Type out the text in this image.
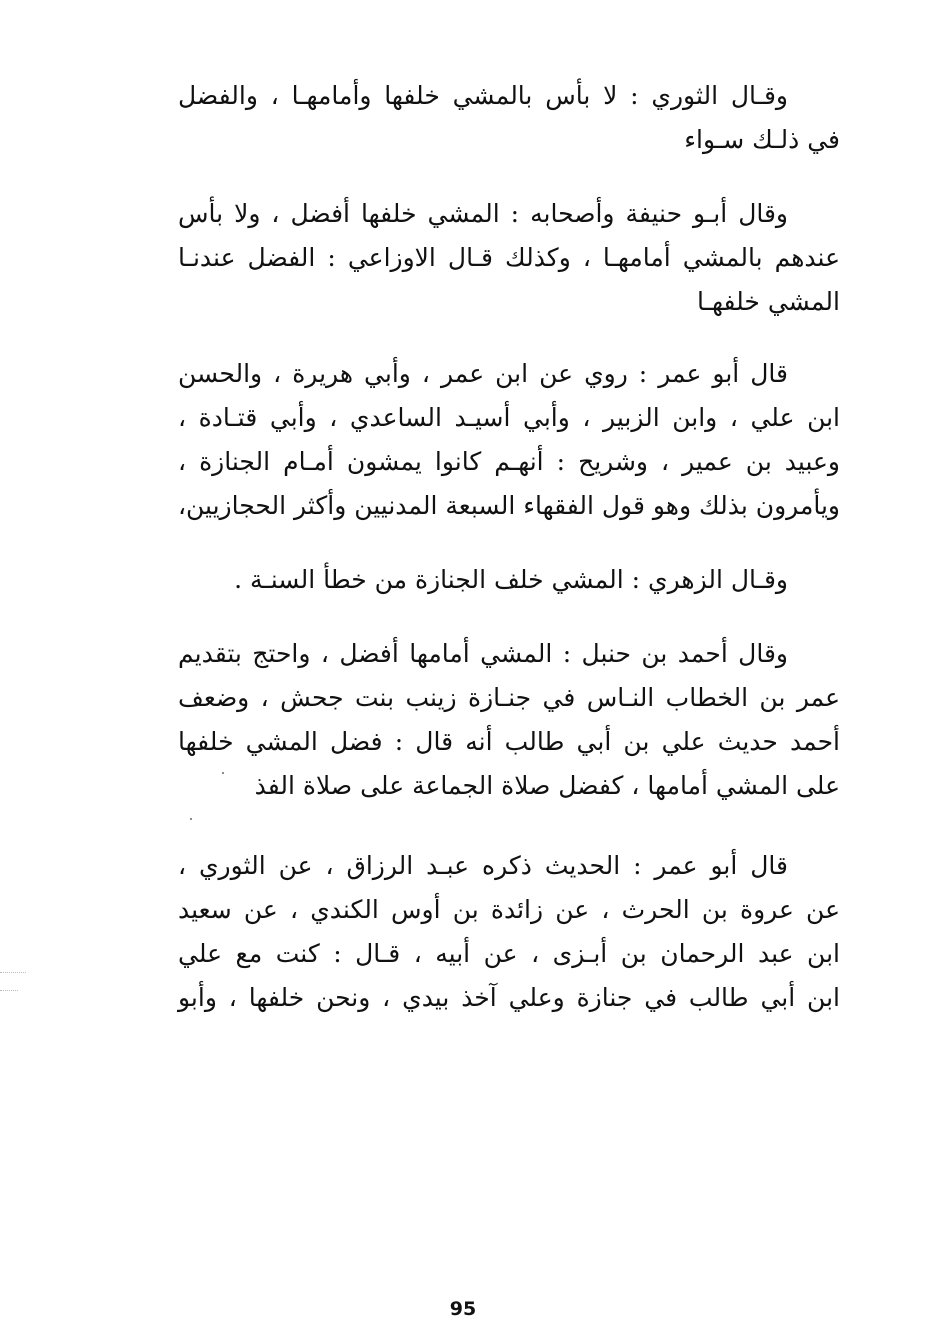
وقـال الثوري : لا بأس بالمشي خلفها وأمامهـا ، والفضل
في ذلـك سـواء
وقال أبـو حنيفة وأصحابه : المشي خلفها أفضل ، ولا بأس
عندهم بالمشي أمامهـا ، وكذلك قـال الاوزاعي : الفضل عندنـا
المشي خلفهـا
قال أبو عمر : روي عن ابن عمر ، وأبي هريرة ، والحسن
ابن علي ، وابن الزبير ، وأبي أسيـد الساعدي ، وأبي قتـادة ،
وعبيد بن عمير ، وشريح : أنهـم كانوا يمشون أمـام الجنازة ،
ويأمرون بذلك وهو قول الفقهاء السبعة المدنيين وأكثر الحجازيين،
وقـال الزهري : المشي خلف الجنازة من خطأ السنـة .
وقال أحمد بن حنبل : المشي أمامها أفضل ، واحتج بتقديم
عمر بن الخطاب النـاس في جنـازة زينب بنت جحش ، وضعف
أحمد حديث علي بن أبي طالب أنه قال : فضل المشي خلفها
على المشي أمامها ، كفضل صلاة الجماعة على صلاة الفذ
قال أبو عمر : الحديث ذكره عبـد الرزاق ، عن الثوري ،
عن عروة بن الحرث ، عن زائدة بن أوس الكندي ، عن سعيد
ابن عبد الرحمان بن أبـزى ، عن أبيه ، قـال : كنت مع علي
ابن أبي طالب في جنازة وعلي آخذ بيدي ، ونحن خلفها ، وأبو
95
